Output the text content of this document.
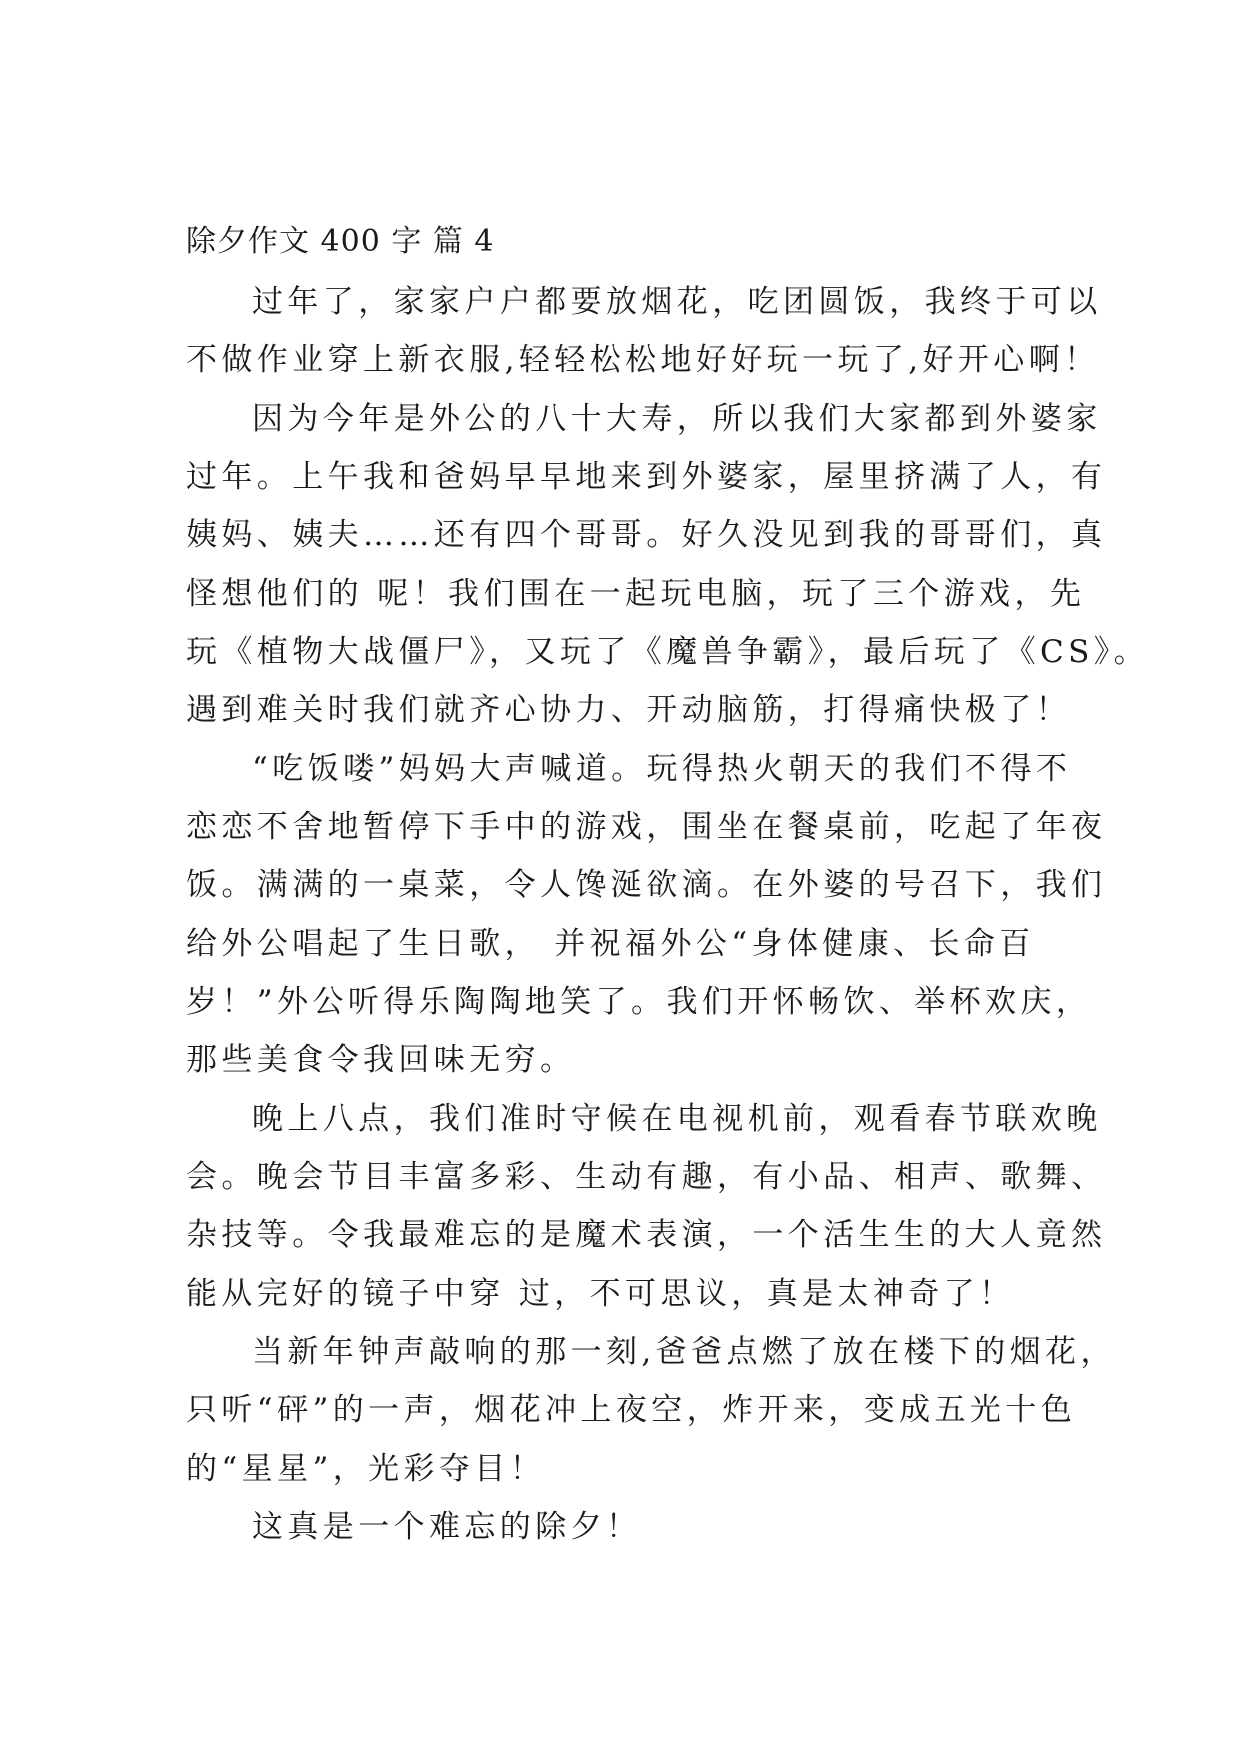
除夕作文 400 字 篇 4
过年了，家家户户都要放烟花，吃团圆饭，我终于可以
不做作业穿上新衣服,轻轻松松地好好玩一玩了,好开心啊！
因为今年是外公的八十大寿，所以我们大家都到外婆家
过年。上午我和爸妈早早地来到外婆家，屋里挤满了人，有
姨妈、姨夫……还有四个哥哥。好久没见到我的哥哥们，真
怪想他们的 呢！我们围在一起玩电脑，玩了三个游戏，先
玩《植物大战僵尸》，又玩了《魔兽争霸》，最后玩了《CS》。
遇到难关时我们就齐心协力、开动脑筋，打得痛快极了！
“吃饭喽”妈妈大声喊道。玩得热火朝天的我们不得不
恋恋不舍地暂停下手中的游戏，围坐在餐桌前，吃起了年夜
饭。满满的一桌菜，令人馋涎欲滴。在外婆的号召下，我们
给外公唱起了生日歌， 并祝福外公“身体健康、长命百
岁！”外公听得乐陶陶地笑了。我们开怀畅饮、举杯欢庆，
那些美食令我回味无穷。
晚上八点，我们准时守候在电视机前，观看春节联欢晚
会。晚会节目丰富多彩、生动有趣，有小品、相声、歌舞、
杂技等。令我最难忘的是魔术表演，一个活生生的大人竟然
能从完好的镜子中穿 过，不可思议，真是太神奇了！
当新年钟声敲响的那一刻,爸爸点燃了放在楼下的烟花，
只听“砰”的一声，烟花冲上夜空，炸开来，变成五光十色
的“星星”，光彩夺目！
这真是一个难忘的除夕！
